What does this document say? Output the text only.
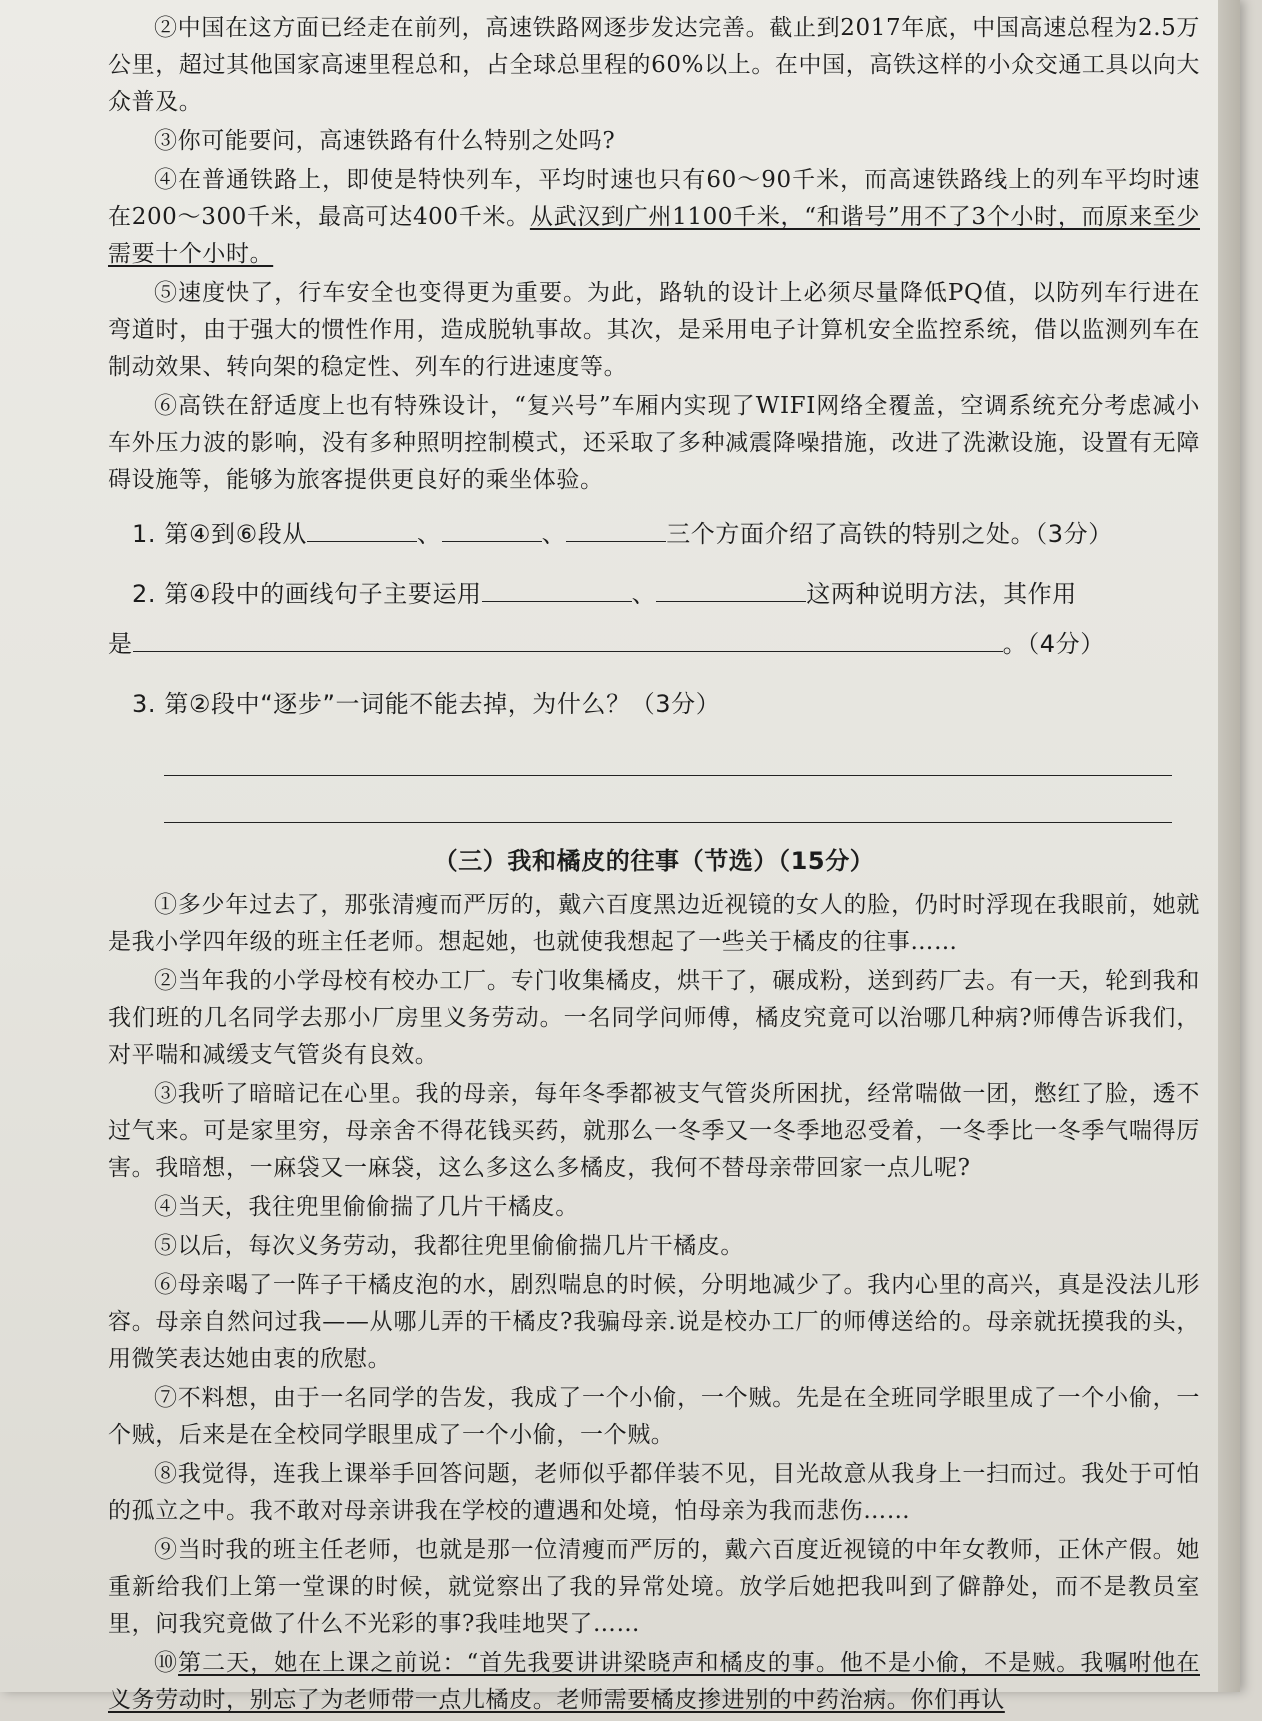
②中国在这方面已经走在前列，高速铁路网逐步发达完善。截止到2017年底，中国高速总程为2.5万公里，超过其他国家高速里程总和，占全球总里程的60%以上。在中国，高铁这样的小众交通工具以向大众普及。

③你可能要问，高速铁路有什么特别之处吗?

④在普通铁路上，即使是特快列车，平均时速也只有60～90千米，而高速铁路线上的列车平均时速在200～300千米，最高可达400千米。从武汉到广州1100千米，“和谐号”用不了3个小时，而原来至少需要十个小时。

⑤速度快了，行车安全也变得更为重要。为此，路轨的设计上必须尽量降低PQ值，以防列车行进在弯道时，由于强大的惯性作用，造成脱轨事故。其次，是采用电子计算机安全监控系统，借以监测列车在制动效果、转向架的稳定性、列车的行进速度等。

⑥高铁在舒适度上也有特殊设计，“复兴号”车厢内实现了WIFI网络全覆盖，空调系统充分考虑减小车外压力波的影响，没有多种照明控制模式，还采取了多种减震降噪措施，改进了洗漱设施，设置有无障碍设施等，能够为旅客提供更良好的乘坐体验。

1. 第④到⑥段从	、	、	三个方面介绍了高铁的特别之处。（3分）
2. 第④段中的画线句子主要运用	、	这两种说明方法，其作用
是	。（4分）
3. 第②段中“逐步”一词能不能去掉，为什么？（3分）
（三）我和橘皮的往事（节选）（15分）

①多少年过去了，那张清瘦而严厉的，戴六百度黑边近视镜的女人的脸，仍时时浮现在我眼前，她就是我小学四年级的班主任老师。想起她，也就使我想起了一些关于橘皮的往事……

②当年我的小学母校有校办工厂。专门收集橘皮，烘干了，碾成粉，送到药厂去。有一天，轮到我和我们班的几名同学去那小厂房里义务劳动。一名同学问师傅，橘皮究竟可以治哪几种病?师傅告诉我们，对平喘和减缓支气管炎有良效。

③我听了暗暗记在心里。我的母亲，每年冬季都被支气管炎所困扰，经常喘做一团，憋红了脸，透不过气来。可是家里穷，母亲舍不得花钱买药，就那么一冬季又一冬季地忍受着，一冬季比一冬季气喘得厉害。我暗想，一麻袋又一麻袋，这么多这么多橘皮，我何不替母亲带回家一点儿呢?

④当天，我往兜里偷偷揣了几片干橘皮。

⑤以后，每次义务劳动，我都往兜里偷偷揣几片干橘皮。

⑥母亲喝了一阵子干橘皮泡的水，剧烈喘息的时候，分明地减少了。我内心里的高兴，真是没法儿形容。母亲自然问过我——从哪儿弄的干橘皮?我骗母亲.说是校办工厂的师傅送给的。母亲就抚摸我的头，用微笑表达她由衷的欣慰。

⑦不料想，由于一名同学的告发，我成了一个小偷，一个贼。先是在全班同学眼里成了一个小偷，一个贼，后来是在全校同学眼里成了一个小偷，一个贼。

⑧我觉得，连我上课举手回答问题，老师似乎都佯装不见，目光故意从我身上一扫而过。我处于可怕的孤立之中。我不敢对母亲讲我在学校的遭遇和处境，怕母亲为我而悲伤……

⑨当时我的班主任老师，也就是那一位清瘦而严厉的，戴六百度近视镜的中年女教师，正休产假。她重新给我们上第一堂课的时候，就觉察出了我的异常处境。放学后她把我叫到了僻静处，而不是教员室里，问我究竟做了什么不光彩的事?我哇地哭了……

⑩第二天，她在上课之前说：“首先我要讲讲梁晓声和橘皮的事。他不是小偷，不是贼。我嘱咐他在义务劳动时，别忘了为老师带一点儿橘皮。老师需要橘皮掺进别的中药治病。你们再认
